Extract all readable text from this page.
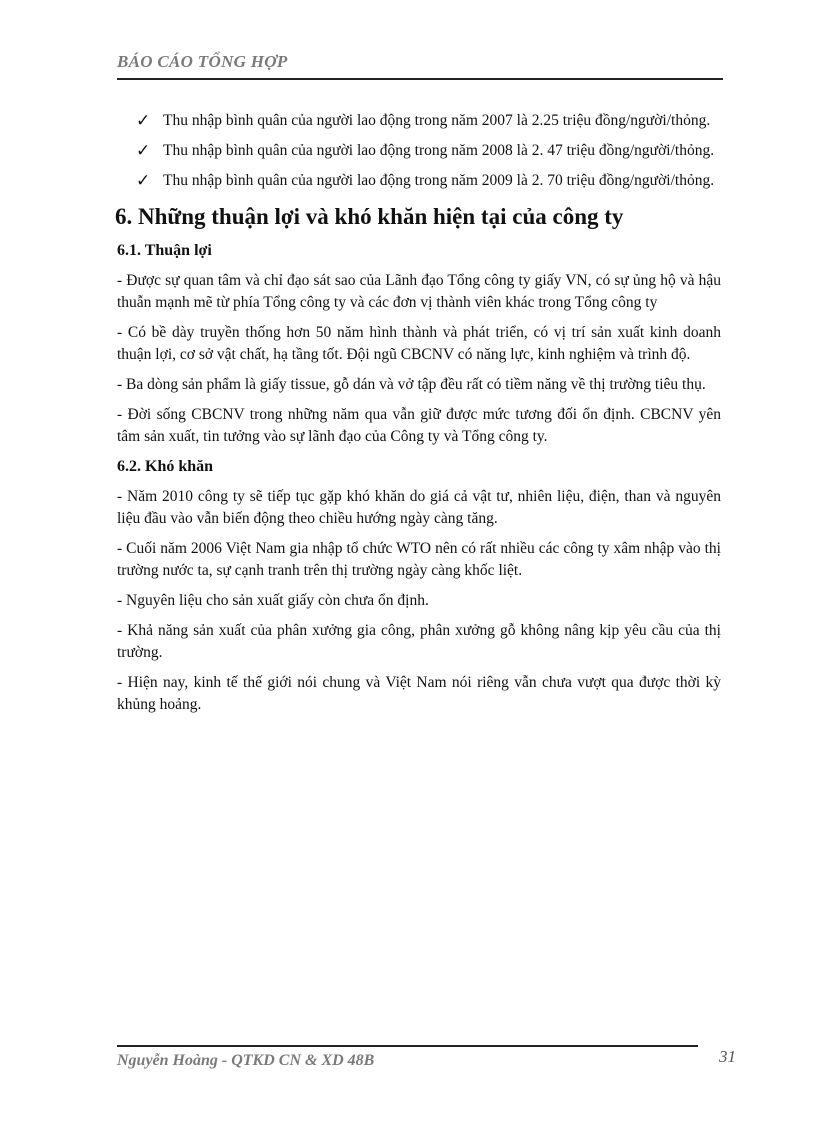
BÁO CÁO TỔNG HỢP
✓ Thu nhập bình quân của người lao động trong năm 2007 là 2.25 triệu đồng/người/thỏng.
✓ Thu nhập bình quân của người lao động trong năm 2008 là 2. 47 triệu đồng/người/thỏng.
✓ Thu nhập bình quân của người lao động trong năm 2009 là 2. 70 triệu đồng/người/thỏng.
6. Những thuận lợi và khó khăn hiện tại của công ty
6.1. Thuận lợi

- Được sự quan tâm và chỉ đạo sát sao của Lãnh đạo Tổng công ty giấy VN, có sự ủng hộ và hậu thuẫn mạnh mẽ từ phía Tổng công ty và các đơn vị thành viên khác trong Tổng công ty

- Có bề dày truyền thống hơn 50 năm hình thành và phát triển, có vị trí sản xuất kinh doanh thuận lợi, cơ sở vật chất, hạ tầng tốt. Đội ngũ CBCNV có năng lực, kinh nghiệm và trình độ.

- Ba dòng sản phẩm là giấy tissue, gỗ dán và vở tập đều rất có tiềm năng về thị trường tiêu thụ.

- Đời sống CBCNV trong những năm qua vẫn giữ được mức tương đối ổn định. CBCNV yên tâm sản xuất, tin tưởng vào sự lãnh đạo của Công ty và Tổng công ty.

6.2. Khó khăn

- Năm 2010 công ty sẽ tiếp tục gặp khó khăn do giá cả vật tư, nhiên liệu, điện, than và nguyên liệu đầu vào vẫn biến động theo chiều hướng ngày càng tăng.

- Cuối năm 2006 Việt Nam gia nhập tổ chức WTO nên có rất nhiều các công ty xâm nhập vào thị trường nước ta, sự cạnh tranh trên thị trường ngày càng khốc liệt.

- Nguyên liệu cho sản xuất giấy còn chưa ổn định.

- Khả năng sản xuất của phân xưởng gia công, phân xưởng gỗ không nâng kịp yêu cầu của thị trường.

- Hiện nay, kinh tế thế giới nói chung và Việt Nam nói riêng vẫn chưa vượt qua được thời kỳ khủng hoảng.

Nguyễn Hoàng - QTKD CN & XD 48B	31
